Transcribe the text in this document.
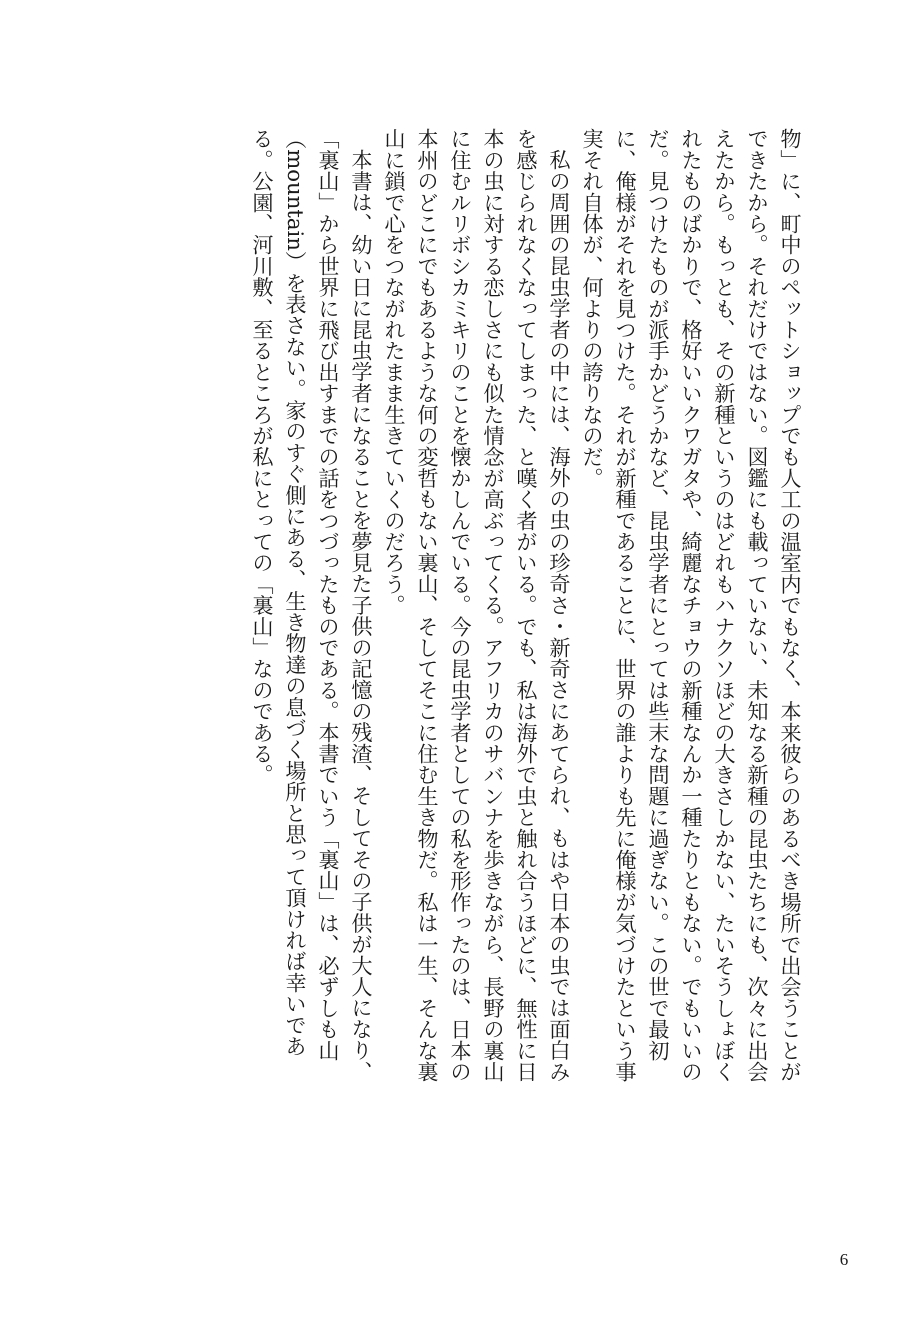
物」に、町中のペットショップでも人工の温室内でもなく、本来彼らのあるべき場所で出会うことができたから。それだけではない。図鑑にも載っていない、未知なる新種の昆虫たちにも、次々に出会えたから。もっとも、その新種というのはどれもハナクソほどの大きさしかない、たいそうしょぼくれたものばかりで、格好いいクワガタや、綺麗なチョウの新種なんか一種たりともない。でもいいのだ。見つけたものが派手かどうかなど、昆虫学者にとっては些末な問題に過ぎない。この世で最初に、俺様がそれを見つけた。それが新種であることに、世界の誰よりも先に俺様が気づけたという事実それ自体が、何よりの誇りなのだ。

私の周囲の昆虫学者の中には、海外の虫の珍奇さ・新奇さにあてられ、もはや日本の虫では面白みを感じられなくなってしまった、と嘆く者がいる。でも、私は海外で虫と触れ合うほどに、無性に日本の虫に対する恋しさにも似た情念が高ぶってくる。アフリカのサバンナを歩きながら、長野の裏山に住むルリボシカミキリのことを懐かしんでいる。今の昆虫学者としての私を形作ったのは、日本の本州のどこにでもあるような何の変哲もない裏山、そしてそこに住む生き物だ。私は一生、そんな裏山に鎖で心をつながれたまま生きていくのだろう。

本書は、幼い日に昆虫学者になることを夢見た子供の記憶の残渣、そしてその子供が大人になり、「裏山」から世界に飛び出すまでの話をつづったものである。本書でいう「裏山」は、必ずしも山（mountain）を表さない。家のすぐ側にある、生き物達の息づく場所と思って頂ければ幸いである。公園、河川敷、至るところが私にとっての「裏山」なのである。

6
